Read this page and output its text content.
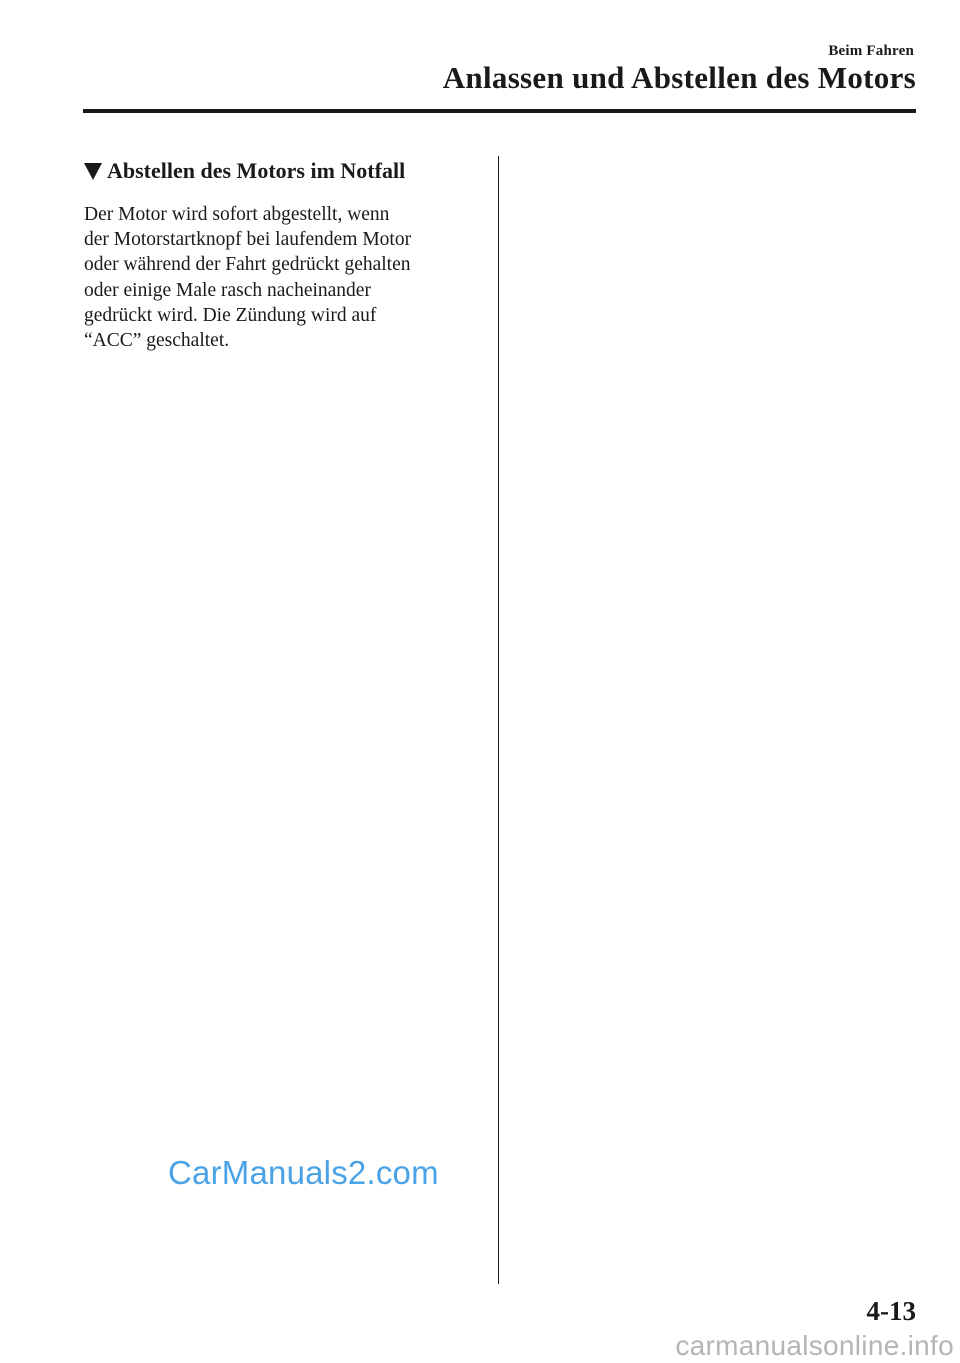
Beim Fahren
Anlassen und Abstellen des Motors
Abstellen des Motors im Notfall
Der Motor wird sofort abgestellt, wenn
der Motorstartknopf bei laufendem Motor
oder während der Fahrt gedrückt gehalten
oder einige Male rasch nacheinander
gedrückt wird. Die Zündung wird auf
“ACC” geschaltet.
CarManuals2.com
4-13
carmanualsonline.info
